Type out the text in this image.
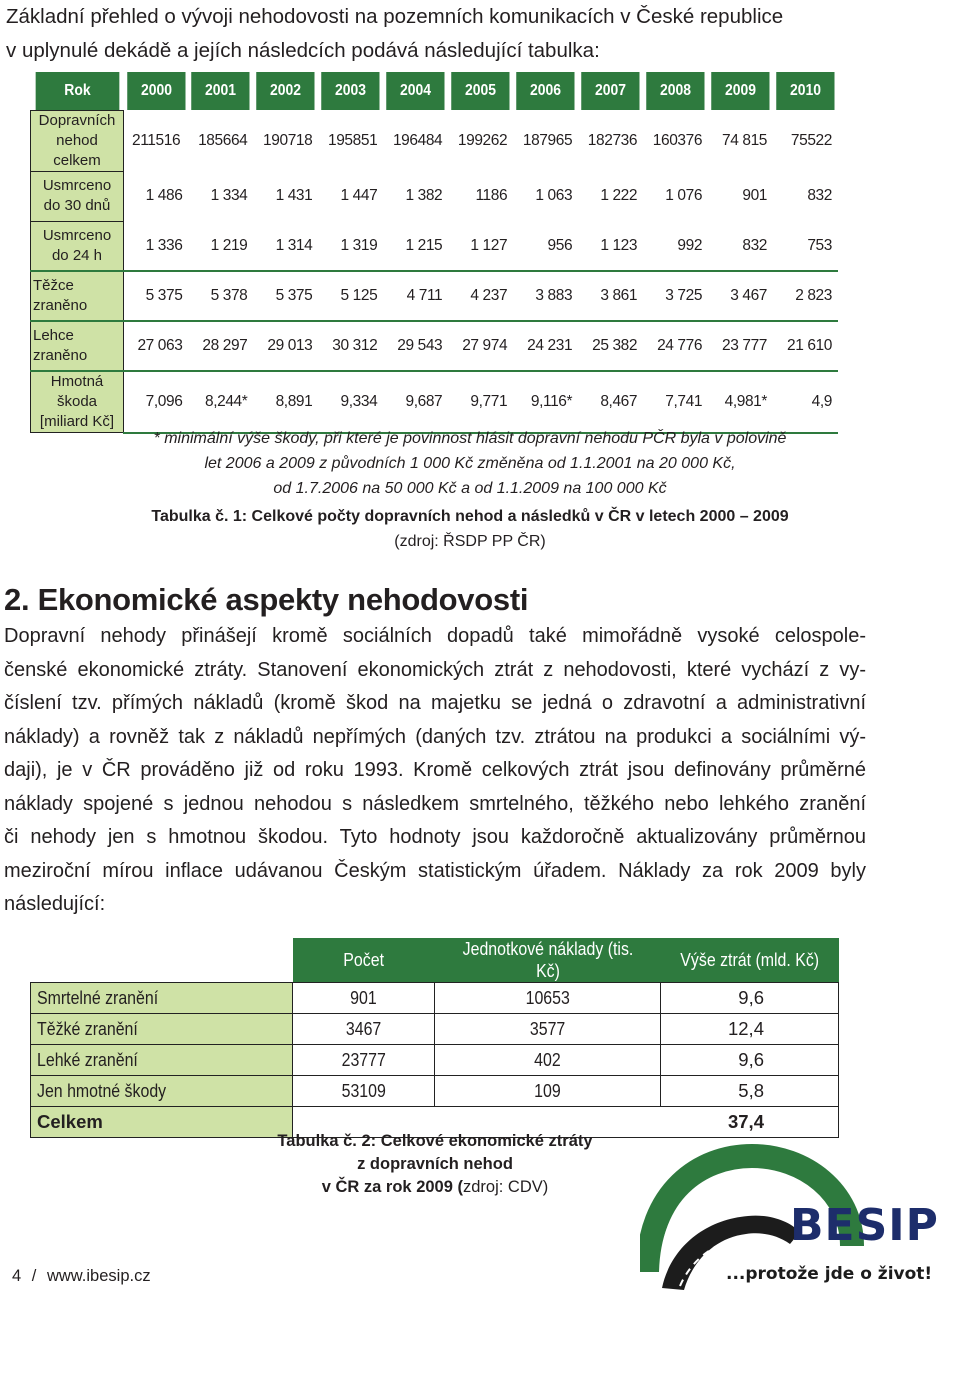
Základní přehled o vývoji nehodovosti na pozemních komunikacích v České republice
v uplynulé dekádě a jejích následcích podává následující tabulka:
Rok	2000	2001	2002	2003	2004	2005	2006	2007	2008	2009	2010
Dopravních
nehod celkem	211516	185664	190718	195851	196484	199262	187965	182736	160376	74 815	75522
Usmrceno
do 30 dnů	1 486	1 334	1 431	1 447	1 382	1186	1 063	1 222	1 076	901	832
Usmrceno
do 24 h	1 336	1 219	1 314	1 319	1 215	1 127	956	1 123	992	832	753
Těžce zraněno	5 375	5 378	5 375	5 125	4 711	4 237	3 883	3 861	3 725	3 467	2 823
Lehce zraněno	27 063	28 297	29 013	30 312	29 543	27 974	24 231	25 382	24 776	23 777	21 610
Hmotná škoda
[miliard Kč]	7,096	8,244*	8,891	9,334	9,687	9,771	9,116*	8,467	7,741	4,981*	4,9
* minimální výše škody, při které je povinnost hlásit dopravní nehodu PČR byla v polovině
let 2006 a 2009 z původních 1 000 Kč změněna od 1.1.2001 na 20 000 Kč,
od 1.7.2006 na 50 000 Kč a od 1.1.2009 na 100 000 Kč
Tabulka č. 1: Celkové počty dopravních nehod a následků v ČR v letech 2000 – 2009
(zdroj: ŘSDP PP ČR)
2. Ekonomické aspekty nehodovosti
Dopravní nehody přinášejí kromě sociálních dopadů také mimořádně vysoké celospole-
čenské ekonomické ztráty. Stanovení ekonomických ztrát z nehodovosti, které vychází z vy-
číslení tzv. přímých nákladů (kromě škod na majetku se jedná o zdravotní a administrativní
náklady) a rovněž tak z nákladů nepřímých (daných tzv. ztrátou na produkci a sociálními vý-
daji), je v ČR prováděno již od roku 1993. Kromě celkových ztrát jsou definovány průměrné
náklady spojené s jednou nehodou s následkem smrtelného, těžkého nebo lehkého zranění
či nehody jen s hmotnou škodou. Tyto hodnoty jsou každoročně aktualizovány průměrnou
meziroční mírou inflace udávanou Českým statistickým úřadem. Náklady za rok 2009 byly
následující:
	Počet	Jednotkové náklady (tis. Kč)	Výše ztrát (mld. Kč)
Smrtelné zranění	901	10653	9,6
Těžké zranění	3467	3577	12,4
Lehké zranění	23777	402	9,6
Jen hmotné škody	53109	109	5,8
Celkem			37,4
Tabulka č. 2: Celkové ekonomické ztráty
z dopravních nehod
v ČR za rok 2009 (zdroj: CDV)
BESIP
...protože jde o život!
4 / www.ibesip.cz
